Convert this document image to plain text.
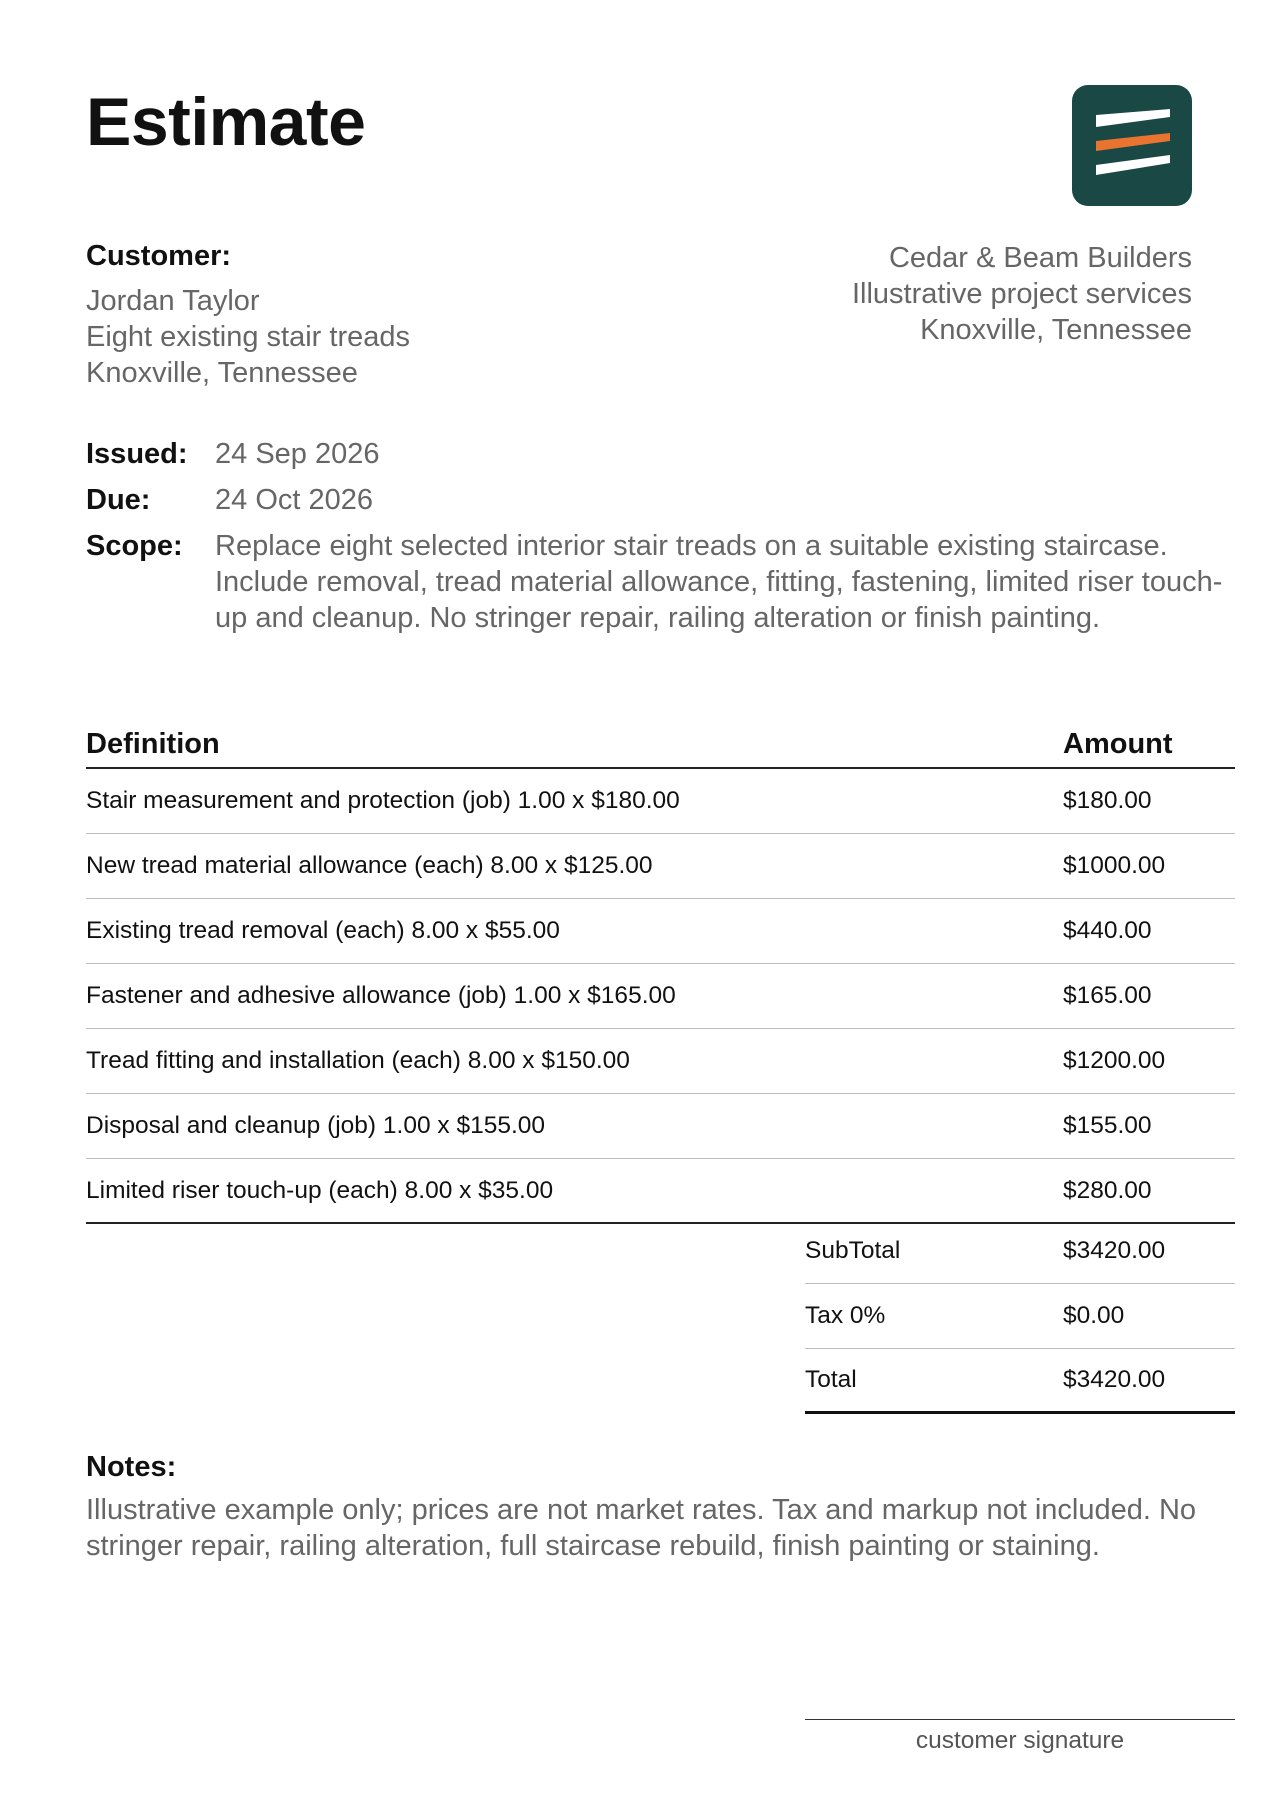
Estimate
Customer:
Jordan Taylor
Eight existing stair treads
Knoxville, Tennessee
Cedar & Beam Builders
Illustrative project services
Knoxville, Tennessee
Issued: 24 Sep 2026
Due:	24 Oct 2026
Scope:	Replace eight selected interior stair treads on a suitable existing staircase. Include removal, tread material allowance, fitting, fastening, limited riser touch-up and cleanup. No stringer repair, railing alteration or finish painting.
Definition	Amount
Stair measurement and protection (job) 1.00 x $180.00	$180.00
New tread material allowance (each) 8.00 x $125.00	$1000.00
Existing tread removal (each) 8.00 x $55.00	$440.00
Fastener and adhesive allowance (job) 1.00 x $165.00	$165.00
Tread fitting and installation (each) 8.00 x $150.00	$1200.00
Disposal and cleanup (job) 1.00 x $155.00	$155.00
Limited riser touch-up (each) 8.00 x $35.00	$280.00
SubTotal	$3420.00
Tax 0%	$0.00
Total	$3420.00
Notes:
Illustrative example only; prices are not market rates. Tax and markup not included. No stringer repair, railing alteration, full staircase rebuild, finish painting or staining.
customer signature
